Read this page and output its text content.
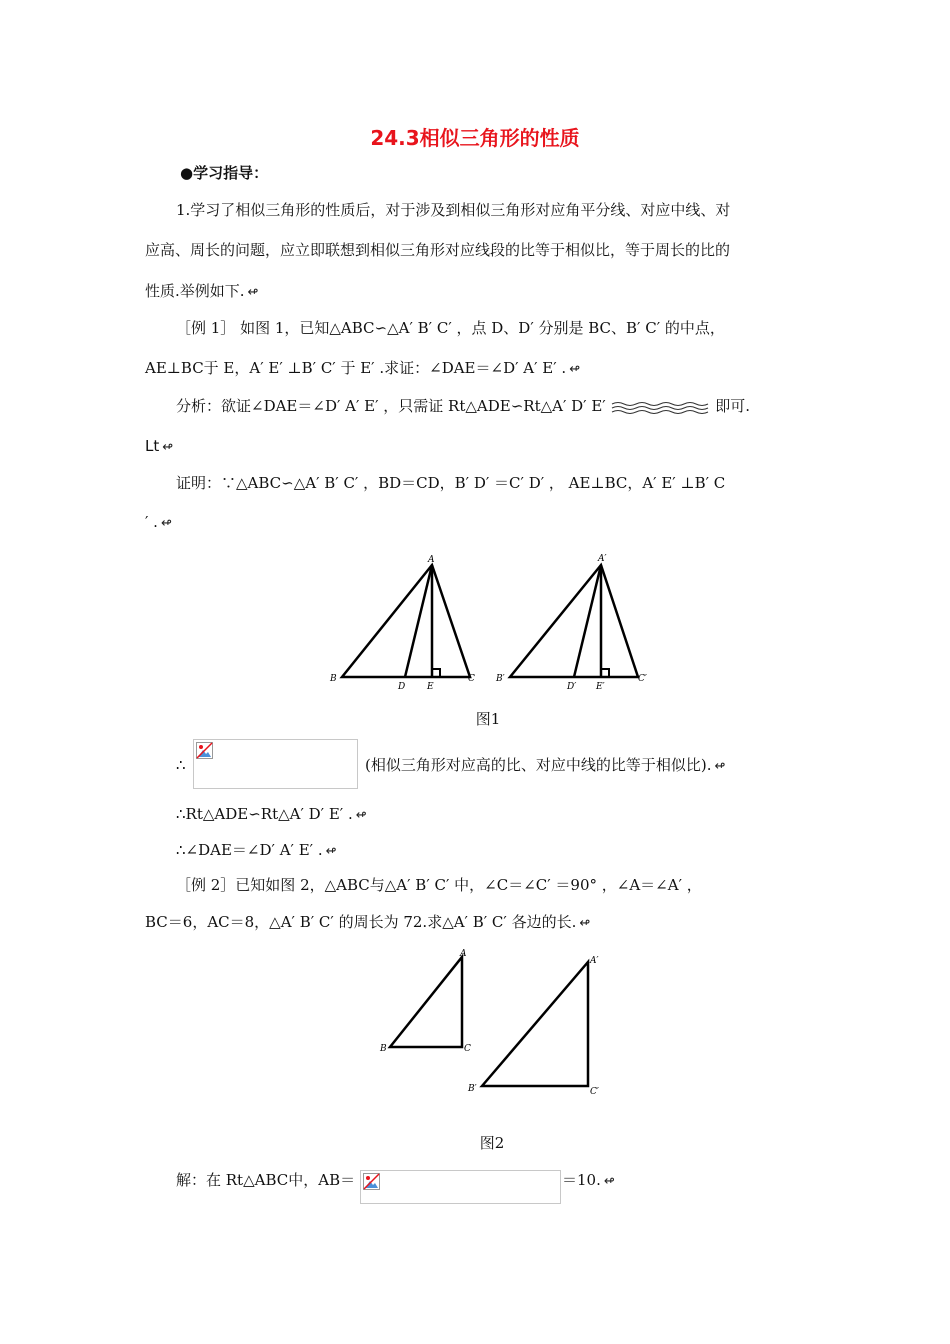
24.3相似三角形的性质
●学习指导：
1.学习了相似三角形的性质后，对于涉及到相似三角形对应角平分线、对应中线、对
应高、周长的问题，应立即联想到相似三角形对应线段的比等于相似比，等于周长的比的
性质.举例如下. ↫
［例 1］ 如图 1，已知△ABC∽△A′ B′ C′ ，点 D、D′ 分别是 BC、B′ C′ 的中点，
AE⊥BC于 E，A′ E′ ⊥B′ C′ 于 E′ .求证：∠DAE＝∠D′ A′ E′ . ↫
分析：欲证∠DAE＝∠D′ A′ E′ ，只需证 Rt△ADE∽Rt△A′ D′ E′	即可.
Lt ↫
证明：∵△ABC∽△A′ B′ C′ ，BD＝CD，B′ D′ ＝C′ D′ ， AE⊥BC，A′ E′ ⊥B′ C
′ . ↫
A
B
D E
C
A′
B′
D′ E′
C′
图1
∴	(相似三角形对应高的比、对应中线的比等于相似比). ↫
∴Rt△ADE∽Rt△A′ D′ E′ . ↫
∴∠DAE＝∠D′ A′ E′ . ↫
［例 2］已知如图 2，△ABC与△A′ B′ C′ 中，∠C＝∠C′ ＝90° ，∠A＝∠A′ ，
BC＝6，AC＝8，△A′ B′ C′ 的周长为 72.求△A′ B′ C′ 各边的长. ↫
A
B	C
A′
B′	C′
图2
解：在 Rt△ABC中，AB＝	＝10. ↫
